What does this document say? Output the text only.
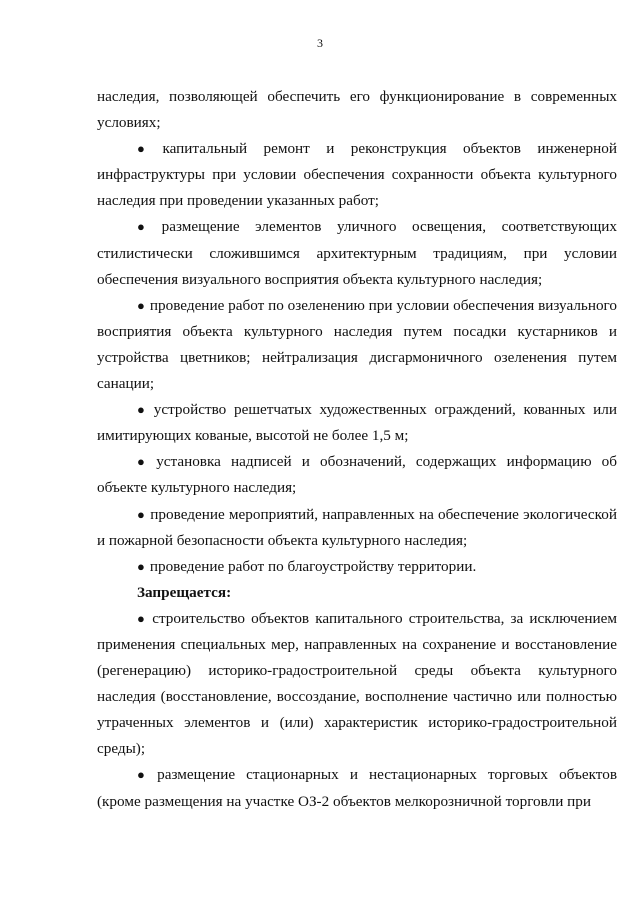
3

наследия, позволяющей обеспечить его функционирование в современных условиях;

● капитальный ремонт и реконструкция объектов инженерной инфраструктуры при условии обеспечения сохранности объекта культурного наследия при проведении указанных работ;

● размещение элементов уличного освещения, соответствующих стилистически сложившимся архитектурным традициям, при условии обеспечения визуального восприятия объекта культурного наследия;

● проведение работ по озеленению при условии обеспечения визуального восприятия объекта культурного наследия путем посадки кустарников и устройства цветников; нейтрализация дисгармоничного озеленения путем санации;

● устройство решетчатых художественных ограждений, кованных или имитирующих кованые, высотой не более 1,5 м;

● установка надписей и обозначений, содержащих информацию об объекте культурного наследия;

● проведение мероприятий, направленных на обеспечение экологической и пожарной безопасности объекта культурного наследия;

● проведение работ по благоустройству территории.

Запрещается:

● строительство объектов капитального строительства, за исключением применения специальных мер, направленных на сохранение и восстановление (регенерацию) историко-градостроительной среды объекта культурного наследия (восстановление, воссоздание, восполнение частично или полностью утраченных элементов и (или) характеристик историко-градостроительной среды);

● размещение стационарных и нестационарных торговых объектов (кроме размещения на участке ОЗ-2 объектов мелкорозничной торговли при
